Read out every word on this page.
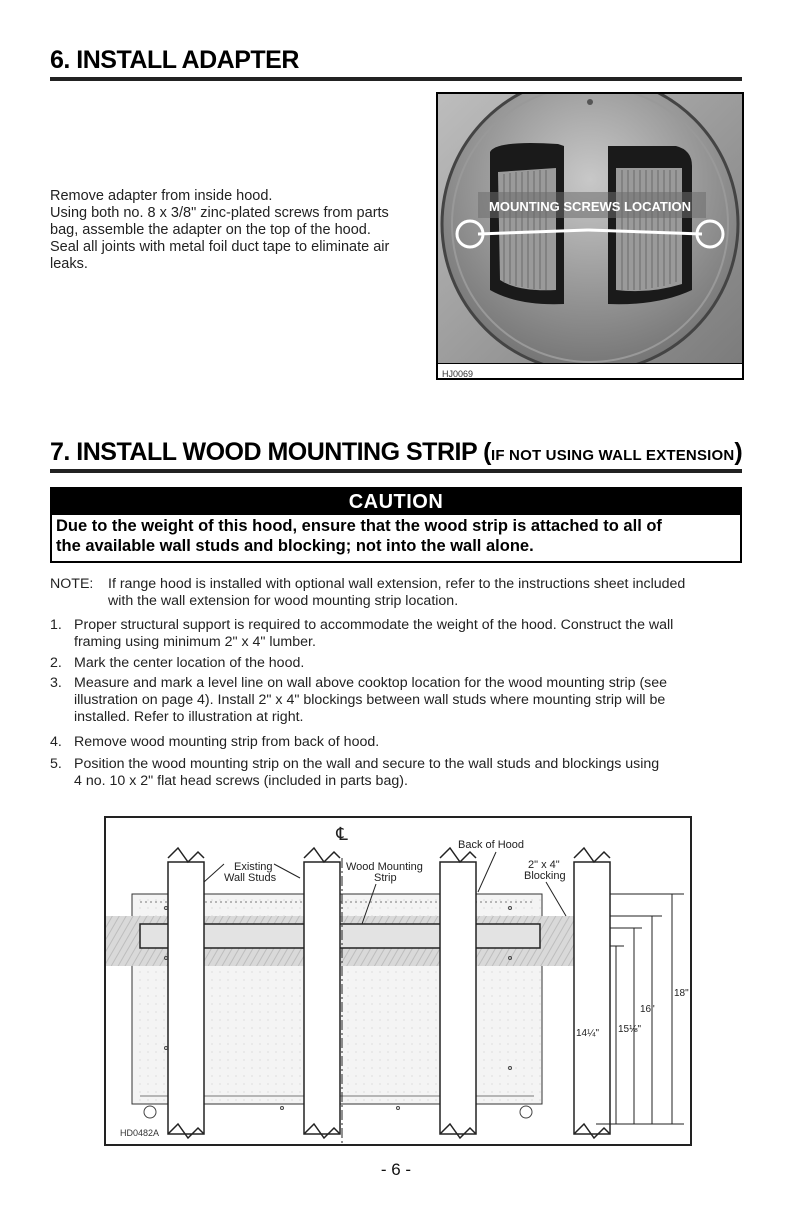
6. INSTALL ADAPTER
Remove adapter from inside hood.
Using both no. 8 x 3/8" zinc-plated screws from parts
bag, assemble the adapter on the top of the hood.
Seal all joints with metal foil duct tape to eliminate air
leaks.
MOUNTING SCREWS LOCATION
HJ0069
7. INSTALL WOOD MOUNTING STRIP (IF NOT USING WALL EXTENSION)
CAUTION
Due to the weight of this hood, ensure that the wood strip is attached to all of
the available wall studs and blocking; not into the wall alone.
NOTE: If range hood is installed with optional wall extension, refer to the instructions sheet included
with the wall extension for wood mounting strip location.
1. Proper structural support is required to accommodate the weight of the hood. Construct the wall
framing using minimum 2" x 4" lumber.
2. Mark the center location of the hood.
3. Measure and mark a level line on wall above cooktop location for the wood mounting strip (see
illustration on page 4). Install 2" x 4" blockings between wall studs where mounting strip will be
installed. Refer to illustration at right.
4. Remove wood mounting strip from back of hood.
5. Position the wood mounting strip on the wall and secure to the wall studs and blockings using
4 no. 10 x 2" flat head screws (included in parts bag).
℄
Existing
Wall Studs
Wood Mounting
Strip
Back of Hood
2" x 4"
Blocking
18"
16"
15⅛"
14¼"
HD0482A
- 6 -
